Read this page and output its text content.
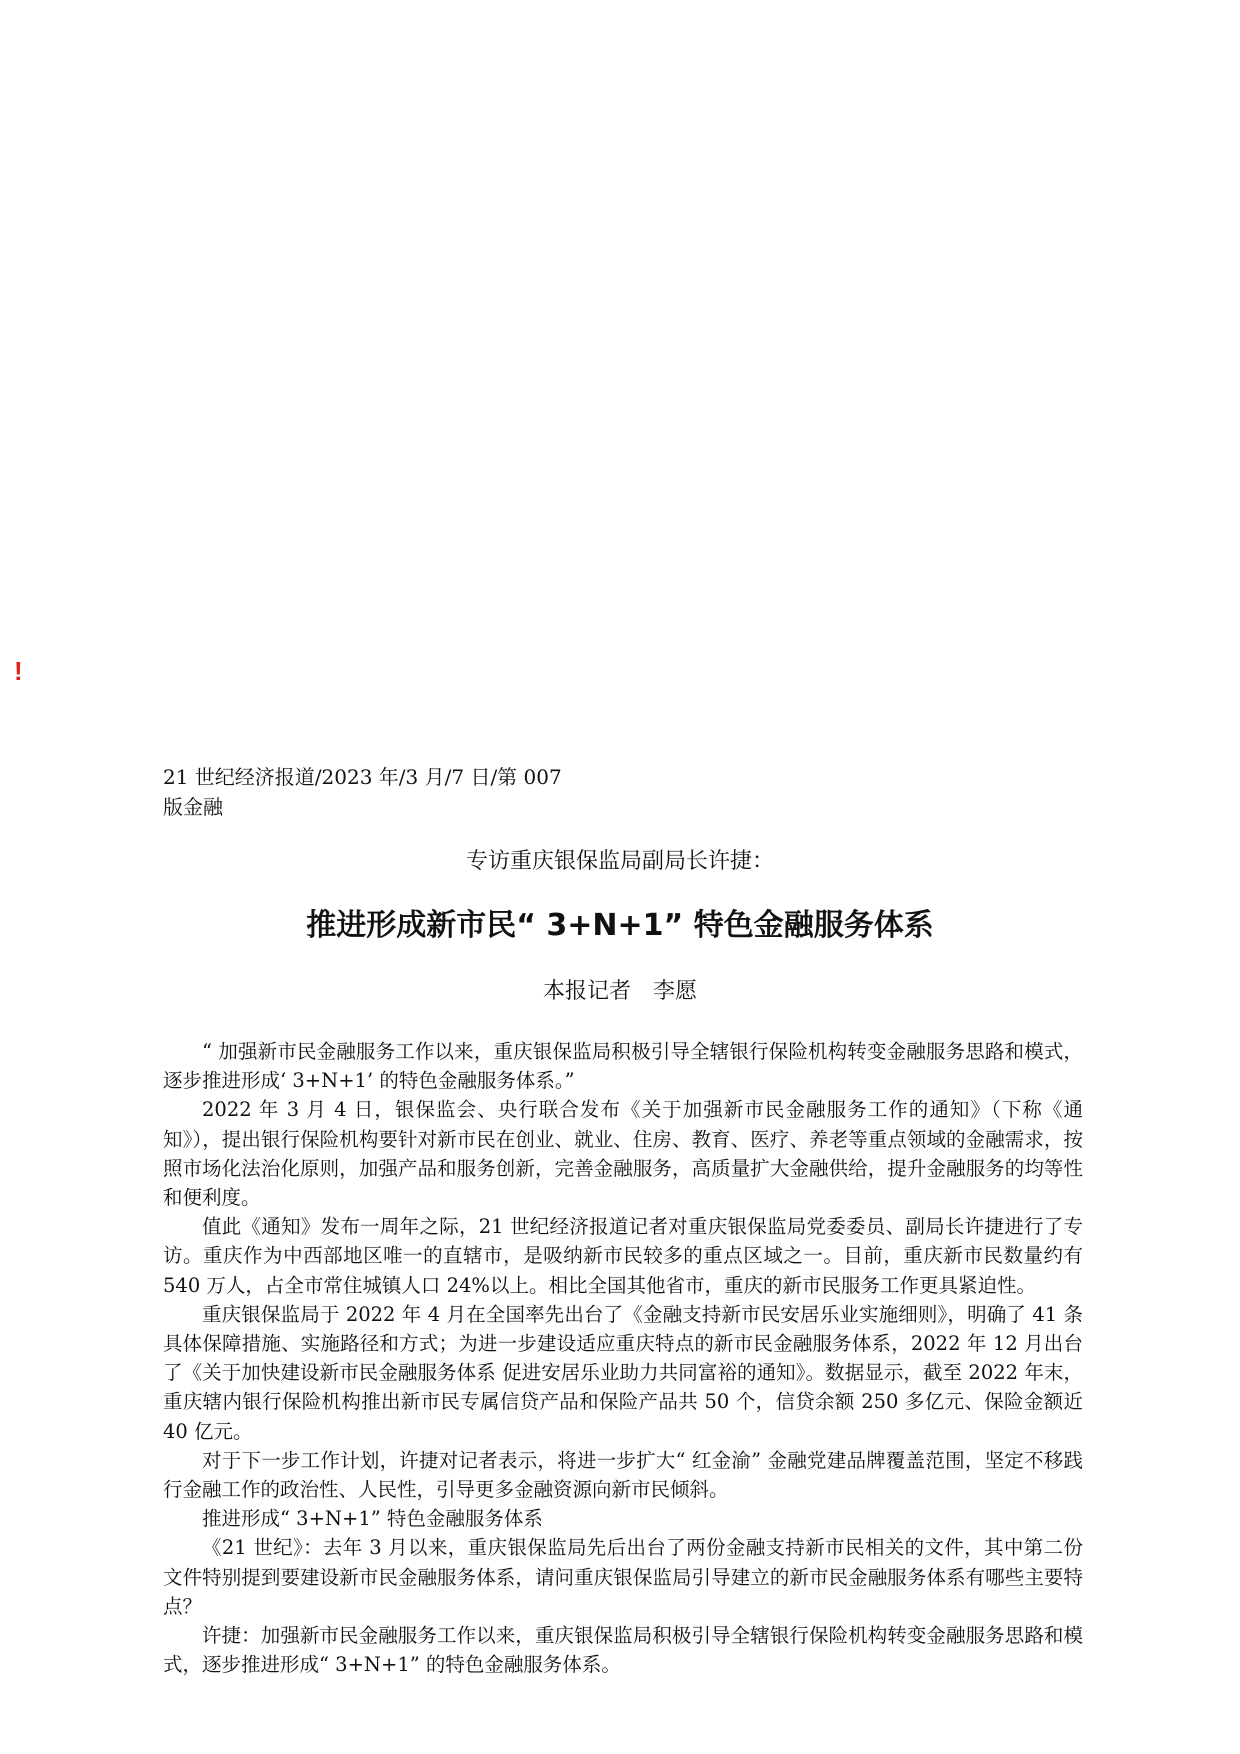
!
21 世纪经济报道/2023 年/3 月/7 日/第 007
版金融
专访重庆银保监局副局长许捷：
推进形成新市民“ 3+N+1” 特色金融服务体系
本报记者　李愿

“ 加强新市民金融服务工作以来，重庆银保监局积极引导全辖银行保险机构转变金融服务思路和模式，逐步推进形成‘ 3+N+1’ 的特色金融服务体系。”

2022 年 3 月 4 日，银保监会、央行联合发布《关于加强新市民金融服务工作的通知》（下称《通知》），提出银行保险机构要针对新市民在创业、就业、住房、教育、医疗、养老等重点领域的金融需求，按照市场化法治化原则，加强产品和服务创新，完善金融服务，高质量扩大金融供给，提升金融服务的均等性和便利度。

值此《通知》发布一周年之际，21 世纪经济报道记者对重庆银保监局党委委员、副局长许捷进行了专访。重庆作为中西部地区唯一的直辖市，是吸纳新市民较多的重点区域之一。目前，重庆新市民数量约有 540 万人，占全市常住城镇人口 24%以上。相比全国其他省市，重庆的新市民服务工作更具紧迫性。

重庆银保监局于 2022 年 4 月在全国率先出台了《金融支持新市民安居乐业实施细则》，明确了 41 条具体保障措施、实施路径和方式；为进一步建设适应重庆特点的新市民金融服务体系，2022 年 12 月出台了《关于加快建设新市民金融服务体系 促进安居乐业助力共同富裕的通知》。数据显示，截至 2022 年末，重庆辖内银行保险机构推出新市民专属信贷产品和保险产品共 50 个，信贷余额 250 多亿元、保险金额近 40 亿元。

对于下一步工作计划，许捷对记者表示，将进一步扩大“ 红金渝” 金融党建品牌覆盖范围，坚定不移践行金融工作的政治性、人民性，引导更多金融资源向新市民倾斜。

推进形成“ 3+N+1” 特色金融服务体系

《21 世纪》：去年 3 月以来，重庆银保监局先后出台了两份金融支持新市民相关的文件，其中第二份文件特别提到要建设新市民金融服务体系，请问重庆银保监局引导建立的新市民金融服务体系有哪些主要特点？

许捷：加强新市民金融服务工作以来，重庆银保监局积极引导全辖银行保险机构转变金融服务思路和模式，逐步推进形成“ 3+N+1” 的特色金融服务体系。
